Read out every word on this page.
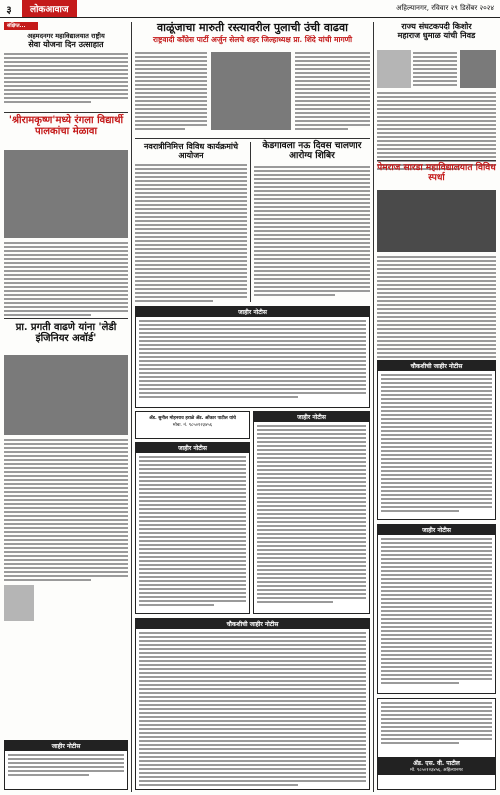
३	लोकआवाज	अहिल्यानगर, रविवार २९ डिसेंबर २०२४
संक्षिप्त...
अहमदनगर महाविद्यालयात राष्ट्रीय
सेवा योजना दिन उत्साहात
'श्रीरामकृष्ण'मध्ये रंगला विद्यार्थी पालकांचा मेळावा
प्रा. प्रगती वाढणे यांना 'लेडी इंजिनियर अवॉर्ड'
जाहीर नोटीस
वाळूंजाचा मारुती रस्त्यावरील पुलाची उंची वाढवा
राष्ट्रवादी काँग्रेस पार्टी अर्जुन सेलचे शहर जिल्हाध्यक्ष प्रा. शिंदे यांची मागणी
नवरात्रीनिमित्त विविध कार्यक्रमांचे आयोजन
केडगावला नऊ दिवस चालणार आरोग्य शिबिर
जाहीर नोटीस
ॲड. सुनील मोहनराव हराळे ॲड. ओंकार पाटील यांचे
मोबा. नं. ९८५०१२३४५६
जाहीर नोटीस
जाहीर नोटीस
चौकशीची जाहीर नोटीस
राज्य संघटकपदी किशोर
महाराज धुमाळ यांची निवड
पेमराज सारडा महाविद्यालयात विविध स्पर्धा
चौकशीची जाहीर नोटीस
जाहीर नोटीस
ॲड. एस. वी. पाटील
मो. ९८५०१२३४५६, अहिल्यानगर
